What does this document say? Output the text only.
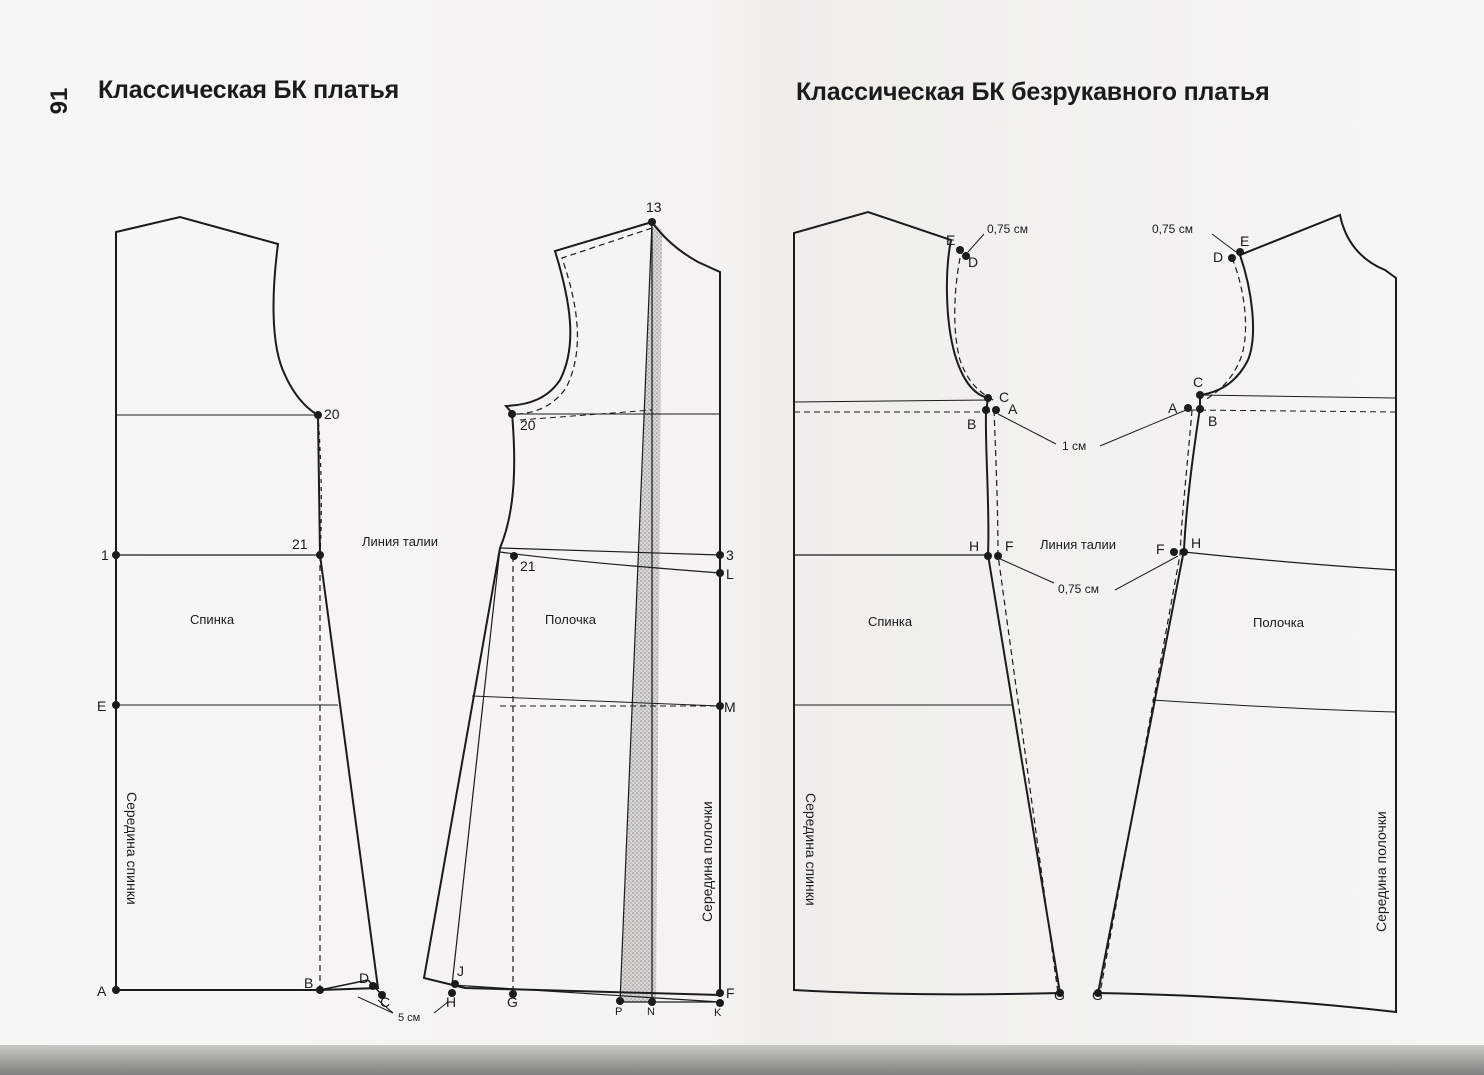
91 Классическая БК платья	Классическая БК безрукавного платья
Спинка
Линия талии
Полочка
Середина спинки	Середина полочки
5 см
13
20
21
1
E
A	B	D
C
20
21
3
L
M
F
K
N
P
G
J
H
Спинка
Линия талии
Полочка
Середина спинки	Середина полочки
0,75 см	0,75 см
1 см
0,75 см
E
D
C
A
B
H F
G
E
D
C
A
B
F H
G
